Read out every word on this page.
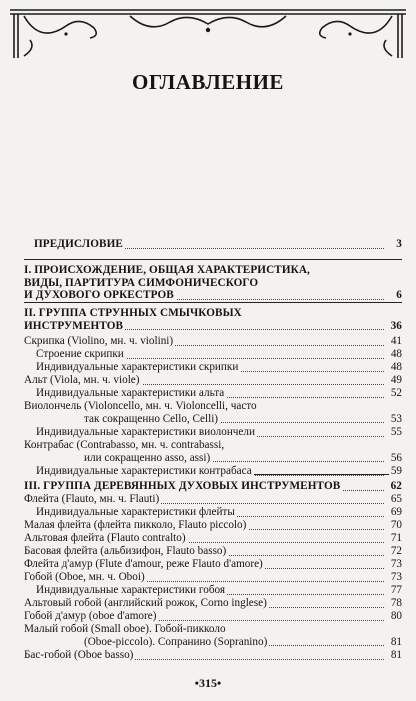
ОГЛАВЛЕНИЕ
ПРЕДИСЛОВИЕ	3
I. ПРОИСХОЖДЕНИЕ, ОБЩАЯ ХАРАКТЕРИСТИКА,
ВИДЫ, ПАРТИТУРА СИМФОНИЧЕСКОГО
И ДУХОВОГО ОРКЕСТРОВ	6
II. ГРУППА СТРУННЫХ СМЫЧКОВЫХ
ИНСТРУМЕНТОВ	36
Скрипка (Violino, мн. ч. violini)	41
Строение скрипки	48
Индивидуальные характеристики скрипки	48
Альт (Viola, мн. ч. viole)	49
Индивидуальные характеристики альта	52
Виолончель (Violoncello, мн. ч. Violoncelli, часто
так сокращенно Cello, Celli)	53
Индивидуальные характеристики виолончели	55
Контрабас (Contrabasso, мн. ч. contrabassi,
или сокращенно asso, assi)	56
Индивидуальные характеристики контрабаса	59
III. ГРУППА ДЕРЕВЯННЫХ ДУХОВЫХ ИНСТРУМЕНТОВ	62
Флейта (Flauto, мн. ч. Flauti)	65
Индивидуальные характеристики флейты	69
Малая флейта (флейта пикколо, Flauto piccolo)	70
Альтовая флейта (Flauto contralto)	71
Басовая флейта (альбизифон, Flauto basso)	72
Флейта д'амур (Flute d'amour, реже Flauto d'amore)	73
Гобой (Oboe, мн. ч. Oboi)	73
Индивидуальные характеристики гобоя	77
Альтовый гобой (английский рожок, Corno inglese)	78
Гобой д'амур (oboe d'amore)	80
Малый гобой (Small oboe). Гобой-пикколо
(Oboe-piccolo). Сопранино (Sopranino)	81
Бас-гобой (Oboe basso)	81
•315•
